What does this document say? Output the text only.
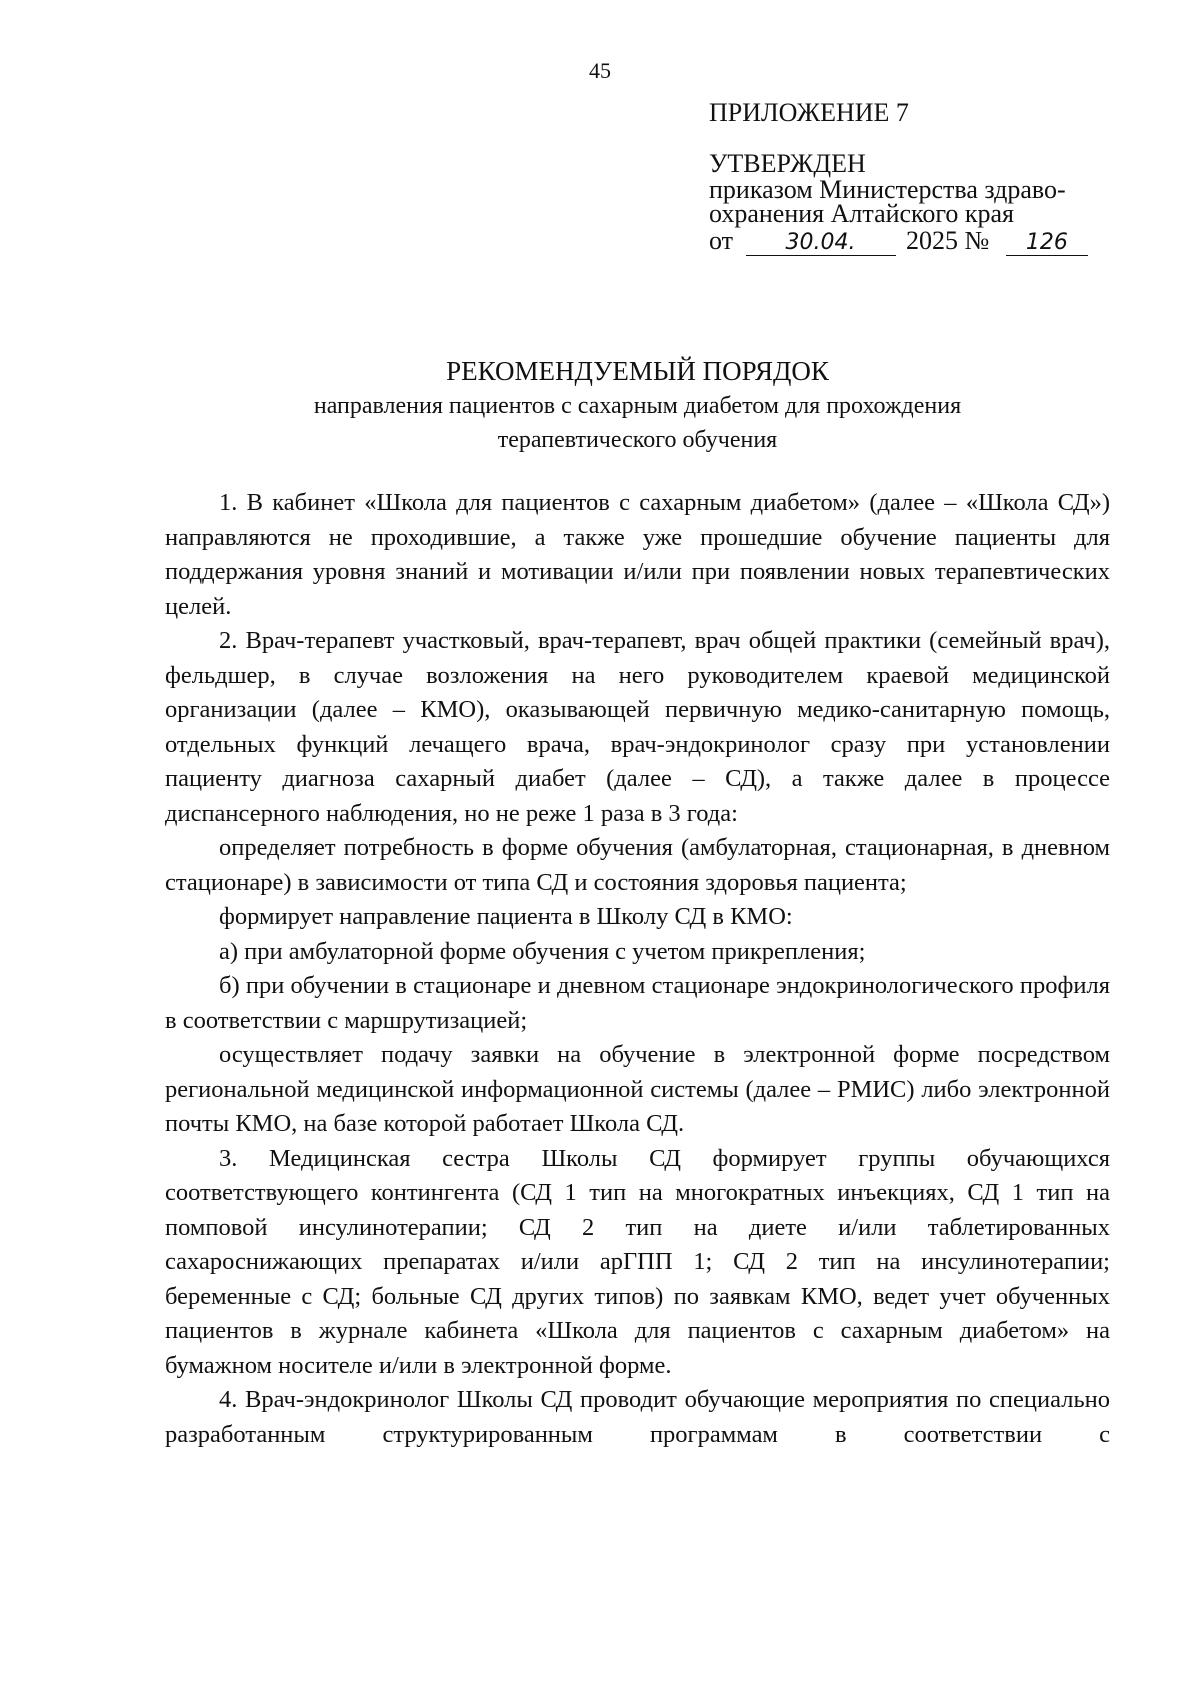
45
ПРИЛОЖЕНИЕ 7
УТВЕРЖДЕН
приказом Министерства здраво-
охранения Алтайского края
от 30.04. 2025 № 126
РЕКОМЕНДУЕМЫЙ ПОРЯДОК
направления пациентов с сахарным диабетом для прохождения
терапевтического обучения

1. В кабинет «Школа для пациентов с сахарным диабетом» (далее – «Школа СД») направляются не проходившие, а также уже прошедшие обучение пациенты для поддержания уровня знаний и мотивации и/или при появлении новых терапевтических целей.

2. Врач-терапевт участковый, врач-терапевт, врач общей практики (семейный врач), фельдшер, в случае возложения на него руководителем краевой медицинской организации (далее – КМО), оказывающей первичную медико-санитарную помощь, отдельных функций лечащего врача, врач-эндокринолог сразу при установлении пациенту диагноза сахарный диабет (далее – СД), а также далее в процессе диспансерного наблюдения, но не реже 1 раза в 3 года:

определяет потребность в форме обучения (амбулаторная, стационарная, в дневном стационаре) в зависимости от типа СД и состояния здоровья пациента;

формирует направление пациента в Школу СД в КМО:

а) при амбулаторной форме обучения с учетом прикрепления;

б) при обучении в стационаре и дневном стационаре эндокринологического профиля в соответствии с маршрутизацией;

осуществляет подачу заявки на обучение в электронной форме посредством региональной медицинской информационной системы (далее – РМИС) либо электронной почты КМО, на базе которой работает Школа СД.

3. Медицинская сестра Школы СД формирует группы обучающихся соответствующего контингента (СД 1 тип на многократных инъекциях, СД 1 тип на помповой инсулинотерапии; СД 2 тип на диете и/или таблетированных сахароснижающих препаратах и/или арГПП 1; СД 2 тип на инсулинотерапии; беременные с СД; больные СД других типов) по заявкам КМО, ведет учет обученных пациентов в журнале кабинета «Школа для пациентов с сахарным диабетом» на бумажном носителе и/или в электронной форме.

4. Врач-эндокринолог Школы СД проводит обучающие мероприятия по специально разработанным структурированным программам в соответствии с
